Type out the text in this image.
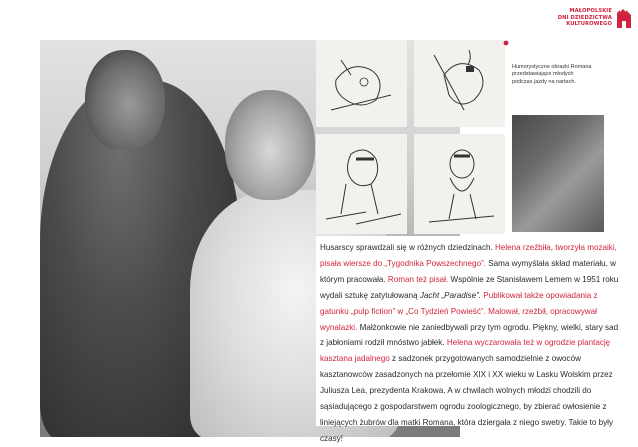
MAŁOPOLSKIE
DNI DZIEDZICTWA
KULTUROWEGO
Humorystyczne obrazki Romana przedstawiające młodych podczas jazdy na nartach.

Husarscy sprawdzali się w różnych dziedzinach. Helena rzeźbiła, tworzyła mozaiki, pisała wiersze do „Tygodnika Powszechnego”. Sama wymyślała skład materiału, w którym pracowała. Roman też pisał. Wspólnie ze Stanisławem Lemem w 1951 roku wydali sztukę zatytułowaną Jacht „Paradise”. Publikował także opowiadania z gatunku „pulp fiction” w „Co Tydzień Powieść”. Malował, rzeźbił, opracowywał wynalazki. Małżonkowie nie zaniedbywali przy tym ogrodu. Piękny, wielki, stary sad z jabłoniami rodził mnóstwo jabłek. Helena wyczarowała też w ogrodzie plantację kasztana jadalnego z sadzonek przygotowanych samodzielnie z owoców kasztanowców zasadzonych na przełomie XIX i XX wieku w Lasku Wolskim przez Juliusza Lea, prezydenta Krakowa. A w chwilach wolnych młodzi chodzili do sąsiadującego z gospodarstwem ogrodu zoologicznego, by zbierać owłosienie z liniejących żubrów dla matki Romana, która dziergała z niego swetry. Takie to były czasy!
